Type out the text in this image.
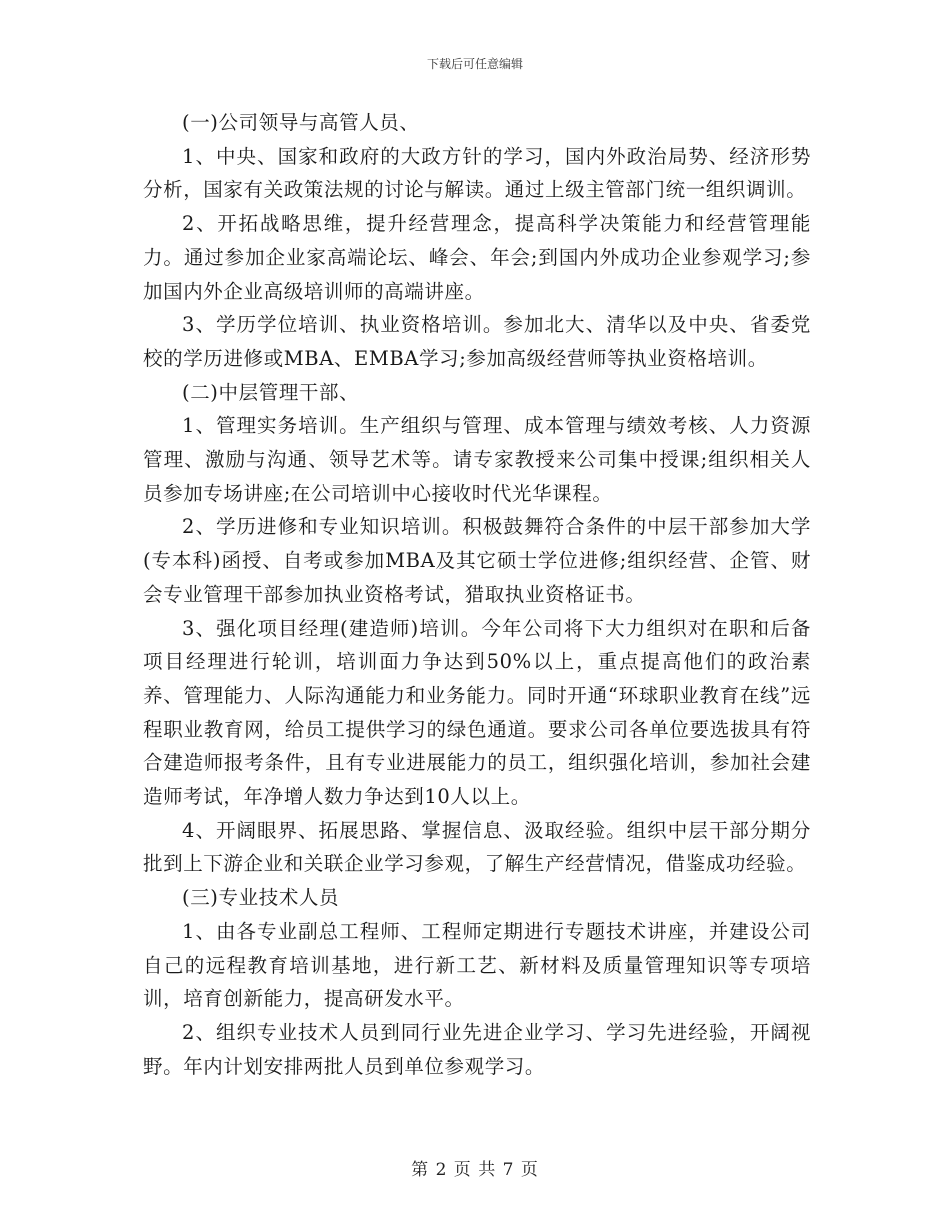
下载后可任意编辑

(一)公司领导与高管人员、

1、中央、国家和政府的大政方针的学习，国内外政治局势、经济形势分析，国家有关政策法规的讨论与解读。通过上级主管部门统一组织调训。

2、开拓战略思维，提升经营理念，提高科学决策能力和经营管理能力。通过参加企业家高端论坛、峰会、年会;到国内外成功企业参观学习;参加国内外企业高级培训师的高端讲座。

3、学历学位培训、执业资格培训。参加北大、清华以及中央、省委党校的学历进修或MBA、EMBA学习;参加高级经营师等执业资格培训。

(二)中层管理干部、

1、管理实务培训。生产组织与管理、成本管理与绩效考核、人力资源管理、激励与沟通、领导艺术等。请专家教授来公司集中授课;组织相关人员参加专场讲座;在公司培训中心接收时代光华课程。

2、学历进修和专业知识培训。积极鼓舞符合条件的中层干部参加大学(专本科)函授、自考或参加MBA及其它硕士学位进修;组织经营、企管、财会专业管理干部参加执业资格考试，猎取执业资格证书。

3、强化项目经理(建造师)培训。今年公司将下大力组织对在职和后备项目经理进行轮训，培训面力争达到50%以上，重点提高他们的政治素养、管理能力、人际沟通能力和业务能力。同时开通“环球职业教育在线”远程职业教育网，给员工提供学习的绿色通道。要求公司各单位要选拔具有符合建造师报考条件，且有专业进展能力的员工，组织强化培训，参加社会建造师考试，年净增人数力争达到10人以上。

4、开阔眼界、拓展思路、掌握信息、汲取经验。组织中层干部分期分批到上下游企业和关联企业学习参观，了解生产经营情况，借鉴成功经验。

(三)专业技术人员

1、由各专业副总工程师、工程师定期进行专题技术讲座，并建设公司自己的远程教育培训基地，进行新工艺、新材料及质量管理知识等专项培训，培育创新能力，提高研发水平。

2、组织专业技术人员到同行业先进企业学习、学习先进经验，开阔视野。年内计划安排两批人员到单位参观学习。

第 2 页 共 7 页
